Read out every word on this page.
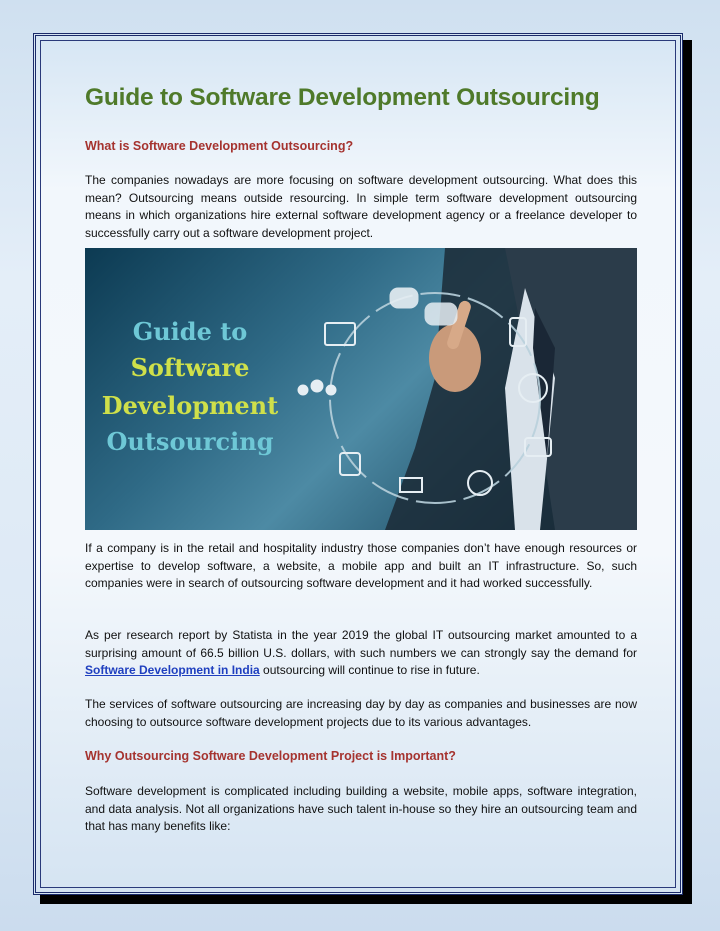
Guide to Software Development Outsourcing
What is Software Development Outsourcing?

The companies nowadays are more focusing on software development outsourcing. What does this mean? Outsourcing means outside resourcing. In simple term software development outsourcing means in which organizations hire external software development agency or a freelance developer to successfully carry out a software development project.

Guide to
Software
Development
Outsourcing

If a company is in the retail and hospitality industry those companies don’t have enough resources or expertise to develop software, a website, a mobile app and built an IT infrastructure. So, such companies were in search of outsourcing software development and it had worked successfully.

As per research report by Statista in the year 2019 the global IT outsourcing market amounted to a surprising amount of 66.5 billion U.S. dollars, with such numbers we can strongly say the demand for Software Development in India outsourcing will continue to rise in future.

The services of software outsourcing are increasing day by day as companies and businesses are now choosing to outsource software development projects due to its various advantages.

Why Outsourcing Software Development Project is Important?

Software development is complicated including building a website, mobile apps, software integration, and data analysis. Not all organizations have such talent in-house so they hire an outsourcing team and that has many benefits like:
